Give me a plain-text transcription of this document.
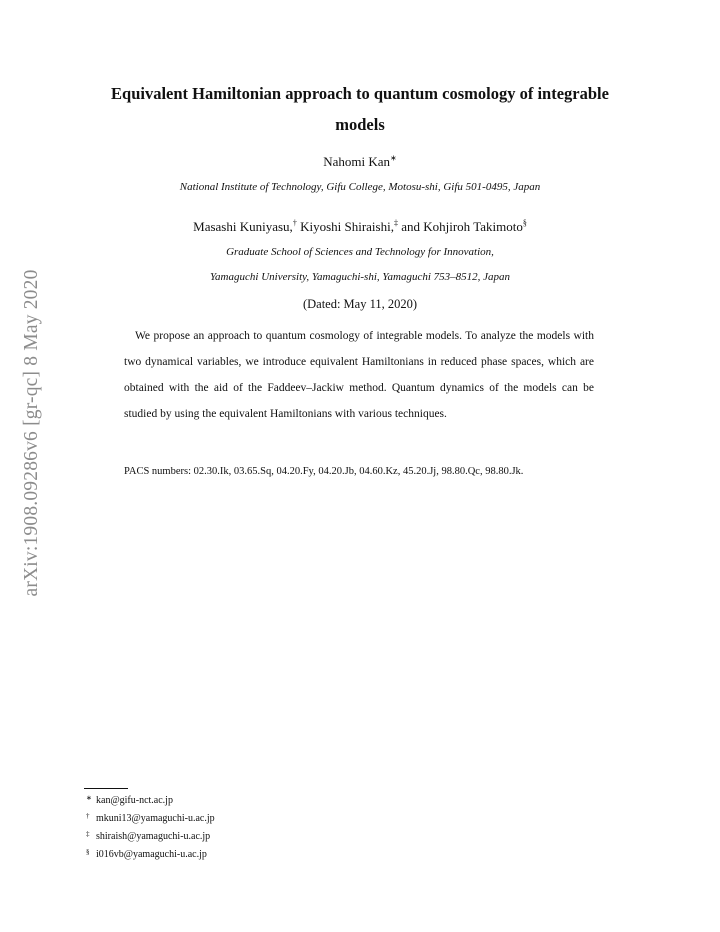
arXiv:1908.09286v6 [gr-qc] 8 May 2020
Equivalent Hamiltonian approach to quantum cosmology of integrable models
Nahomi Kan∗
National Institute of Technology, Gifu College, Motosu-shi, Gifu 501-0495, Japan
Masashi Kuniyasu,† Kiyoshi Shiraishi,‡ and Kohjiroh Takimoto§
Graduate School of Sciences and Technology for Innovation,
Yamaguchi University, Yamaguchi-shi, Yamaguchi 753–8512, Japan
(Dated: May 11, 2020)

We propose an approach to quantum cosmology of integrable models. To analyze the models with two dynamical variables, we introduce equivalent Hamiltonians in reduced phase spaces, which are obtained with the aid of the Faddeev–Jackiw method. Quantum dynamics of the models can be studied by using the equivalent Hamiltonians with various techniques.

PACS numbers: 02.30.Ik, 03.65.Sq, 04.20.Fy, 04.20.Jb, 04.60.Kz, 45.20.Jj, 98.80.Qc, 98.80.Jk.
∗ kan@gifu-nct.ac.jp
† mkuni13@yamaguchi-u.ac.jp
‡ shiraish@yamaguchi-u.ac.jp
§ i016vb@yamaguchi-u.ac.jp
